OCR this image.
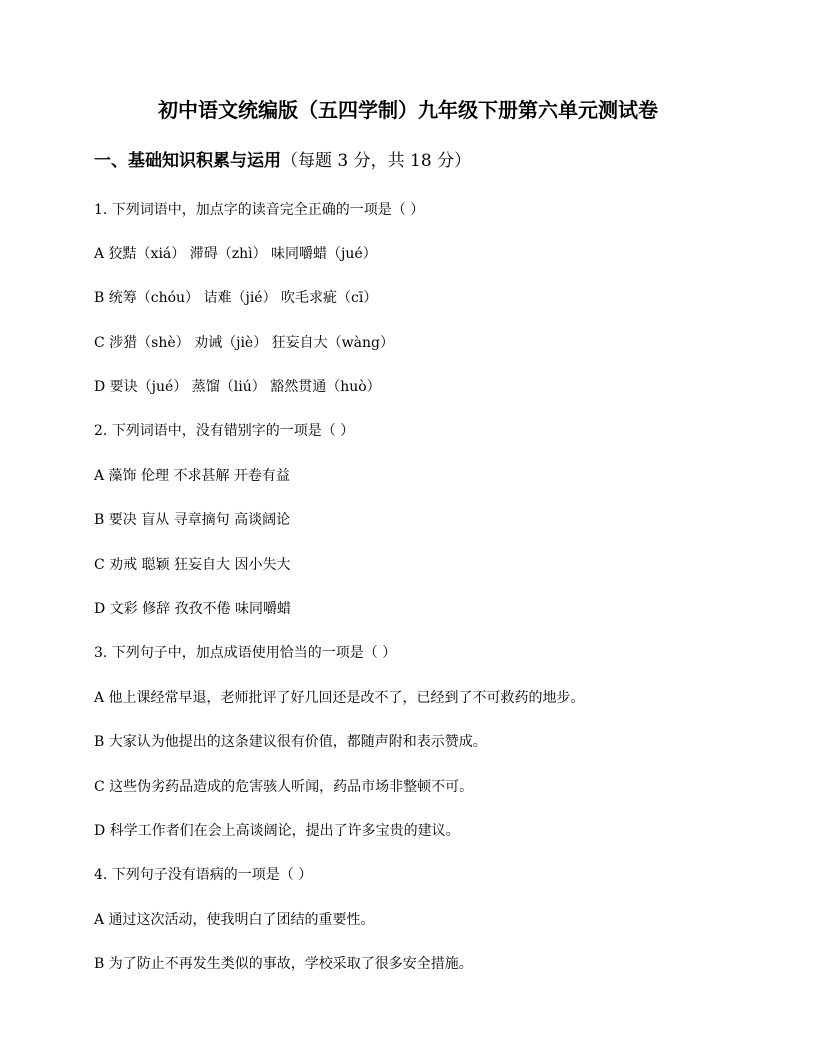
初中语文统编版（五四学制）九年级下册第六单元测试卷
一、基础知识积累与运用（每题 3 分，共 18 分）
1. 下列词语中，加点字的读音完全正确的一项是（ ）
A 狡黠（xiá） 滞碍（zhì） 味同嚼蜡（jué）
B 统筹（chóu） 诘难（jié） 吹毛求疵（cī）
C 涉猎（shè） 劝诫（jiè） 狂妄自大（wàng）
D 要诀（jué） 蒸馏（liú） 豁然贯通（huò）
2. 下列词语中，没有错别字的一项是（ ）
A 藻饰 伦理 不求甚解 开卷有益
B 要决 盲从 寻章摘句 高谈阔论
C 劝戒 聪颖 狂妄自大 因小失大
D 文彩 修辞 孜孜不倦 味同嚼蜡
3. 下列句子中，加点成语使用恰当的一项是（ ）
A 他上课经常早退，老师批评了好几回还是改不了，已经到了不可救药的地步。
B 大家认为他提出的这条建议很有价值，都随声附和表示赞成。
C 这些伪劣药品造成的危害骇人听闻，药品市场非整顿不可。
D 科学工作者们在会上高谈阔论，提出了许多宝贵的建议。
4. 下列句子没有语病的一项是（ ）
A 通过这次活动，使我明白了团结的重要性。
B 为了防止不再发生类似的事故，学校采取了很多安全措施。
